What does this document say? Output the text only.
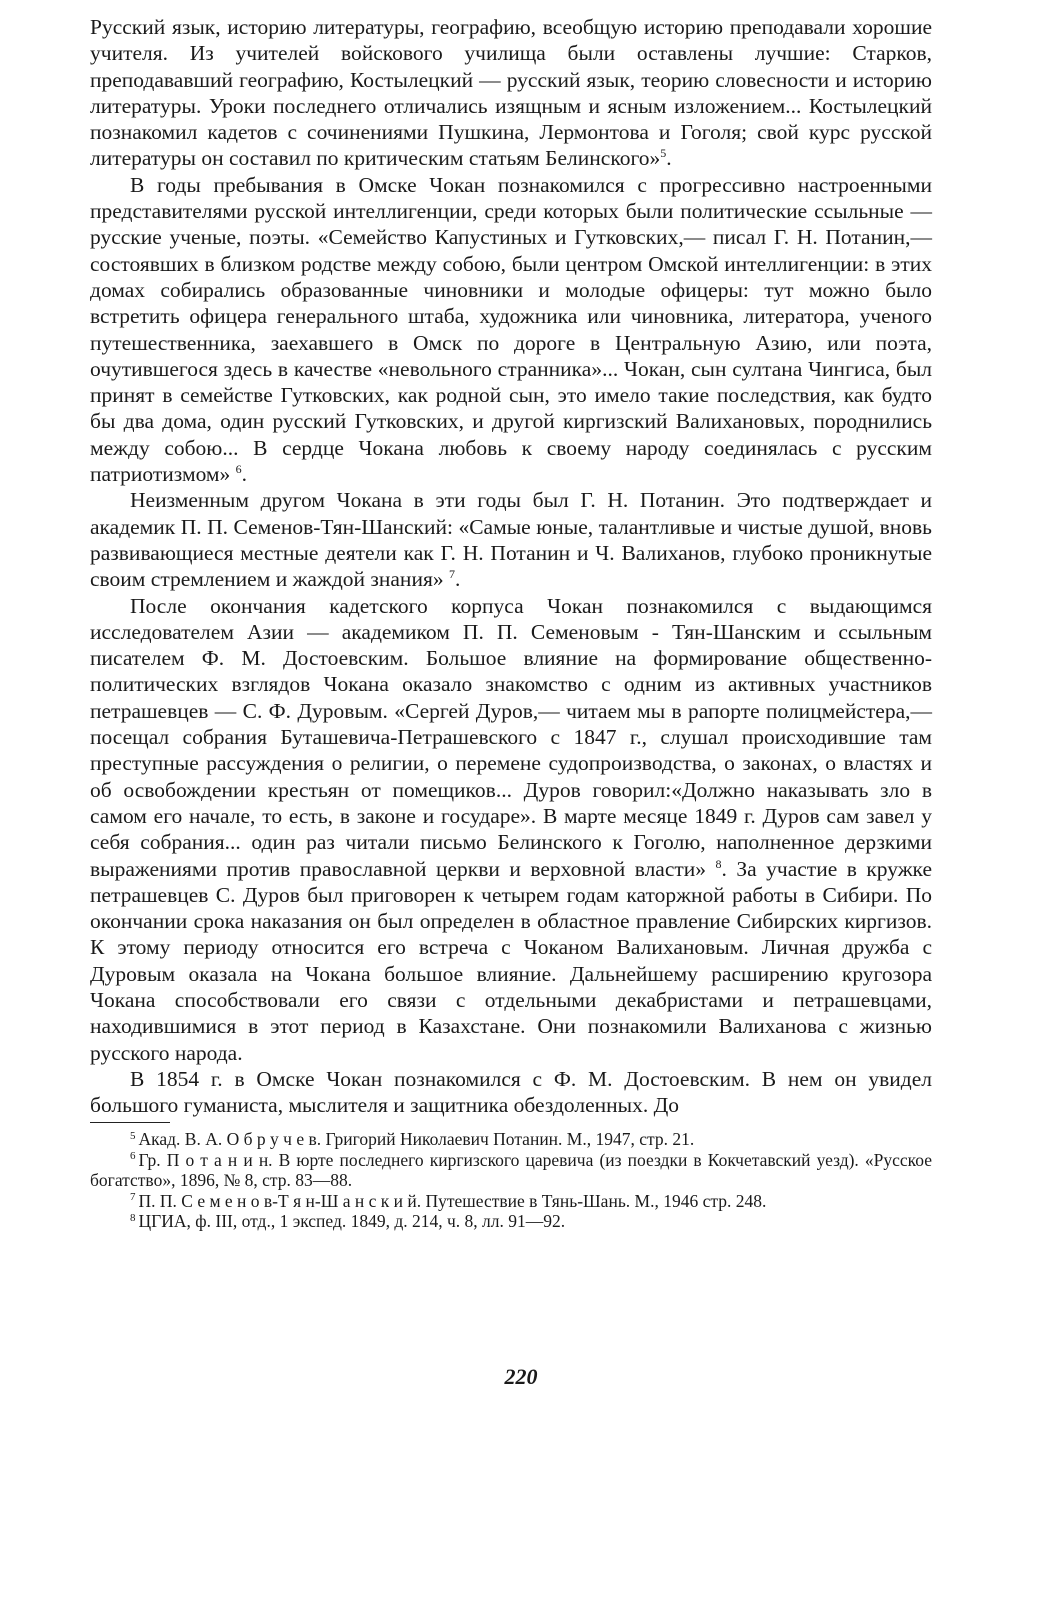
Русский язык, историю литературы, географию, всеобщую историю преподавали хорошие учителя. Из учителей войскового училища были оставлены лучшие: Старков, преподававший географию, Костылецкий — русский язык, теорию словесности и историю литературы. Уроки последнего отличались изящным и ясным изложением... Костылецкий познакомил кадетов с сочинениями Пушкина, Лермонтова и Гоголя; свой курс русской литературы он составил по критическим статьям Белинского»$^5$.

В годы пребывания в Омске Чокан познакомился с прогрессивно настроенными представителями русской интеллигенции, среди которых были политические ссыльные — русские ученые, поэты. «Семейство Капустиных и Гутковских,— писал Г. Н. Потанин,— состоявших в близком родстве между собою, были центром Омской интеллигенции: в этих домах собирались образованные чиновники и молодые офицеры: тут можно было встретить офицера генерального штаба, художника или чиновника, литератора, ученого путешественника, заехавшего в Омск по дороге в Центральную Азию, или поэта, очутившегося здесь в качестве «невольного странника»... Чокан, сын султана Чингиса, был принят в семействе Гутковских, как родной сын, это имело такие последствия, как будто бы два дома, один русский Гутковских, и другой киргизский Валихановых, породнились между собою... В сердце Чокана любовь к своему народу соединялась с русским патриотизмом» $^6$.

Неизменным другом Чокана в эти годы был Г. Н. Потанин. Это подтверждает и академик П. П. Семенов-Тян-Шанский: «Самые юные, талантливые и чистые душой, вновь развивающиеся местные деятели как Г. Н. Потанин и Ч. Валиханов, глубоко проникнутые своим стремлением и жаждой знания» $^7$.

После окончания кадетского корпуса Чокан познакомился с выдающимся исследователем Азии — академиком П. П. Семеновым - Тян-Шанским и ссыльным писателем Ф. М. Достоевским. Большое влияние на формирование общественно-политических взглядов Чокана оказало знакомство с одним из активных участников петрашевцев — С. Ф. Дуровым. «Сергей Дуров,— читаем мы в рапорте полицмейстера,— посещал собрания Буташевича-Петрашевского с 1847 г., слушал происходившие там преступные рассуждения о религии, о перемене судопроизводства, о законах, о властях и об освобождении крестьян от помещиков... Дуров говорил:«Должно наказывать зло в самом его начале, то есть, в законе и государе». В марте месяце 1849 г. Дуров сам завел у себя собрания... один раз читали письмо Белинского к Гоголю, наполненное дерзкими выражениями против православной церкви и верховной власти» $^8$. За участие в кружке петрашевцев С. Дуров был приговорен к четырем годам каторжной работы в Сибири. По окончании срока наказания он был определен в областное правление Сибирских киргизов. К этому периоду относится его встреча с Чоканом Валихановым. Личная дружба с Дуровым оказала на Чокана большое влияние. Дальнейшему расширению кругозора Чокана способствовали его связи с отдельными декабристами и петрашевцами, находившимися в этот период в Казахстане. Они познакомили Валиханова с жизнью русского народа.

В 1854 г. в Омске Чокан познакомился с Ф. М. Достоевским. В нем он увидел большого гуманиста, мыслителя и защитника обездоленных. До

$^5$ Акад. В. А. О б р у ч е в. Григорий Николаевич Потанин. М., 1947, стр. 21.

$^6$ Гр. П о т а н и н. В юрте последнего киргизского царевича (из поездки в Кокчетавский уезд). «Русское богатство», 1896, № 8, стр. 83—88.

$^7$ П. П. С е м е н о в-Т я н-Ш а н с к и й. Путешествие в Тянь-Шань. М., 1946 стр. 248.

$^8$ ЦГИА, ф. III, отд., 1 экспед. 1849, д. 214, ч. 8, лл. 91—92.

220
